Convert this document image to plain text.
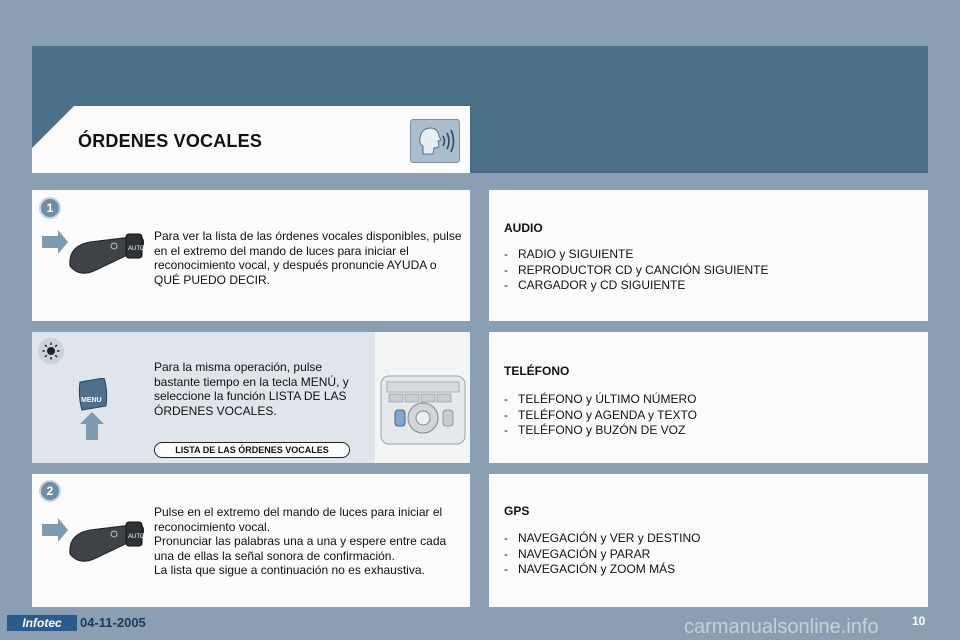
ÓRDENES VOCALES
1
AUTO
Para ver la lista de las órdenes vocales disponibles, pulse en el extremo del mando de luces para iniciar el reconocimiento vocal, y después pronuncie AYUDA o QUÉ PUEDO DECIR.
MENU
Para la misma operación, pulse bastante tiempo en la tecla MENÚ, y seleccione la función LISTA DE LAS ÓRDENES VOCALES.
LISTA DE LAS ÓRDENES VOCALES
2
AUTO
Pulse en el extremo del mando de luces para iniciar el reconocimiento vocal.
Pronunciar las palabras una a una y espere entre cada una de ellas la señal sonora de confirmación.
La lista que sigue a continuación no es exhaustiva.
AUDIO
- RADIO y SIGUIENTE
- REPRODUCTOR CD y CANCIÓN SIGUIENTE
- CARGADOR y CD SIGUIENTE
TELÉFONO
- TELÉFONO y ÚLTIMO NÚMERO
- TELÉFONO y AGENDA y TEXTO
- TELÉFONO y BUZÓN DE VOZ
GPS
- NAVEGACIÓN y VER y DESTINO
- NAVEGACIÓN y PARAR
- NAVEGACIÓN y ZOOM MÁS
Infotec	04-11-2005	carmanualsonline.info	10
